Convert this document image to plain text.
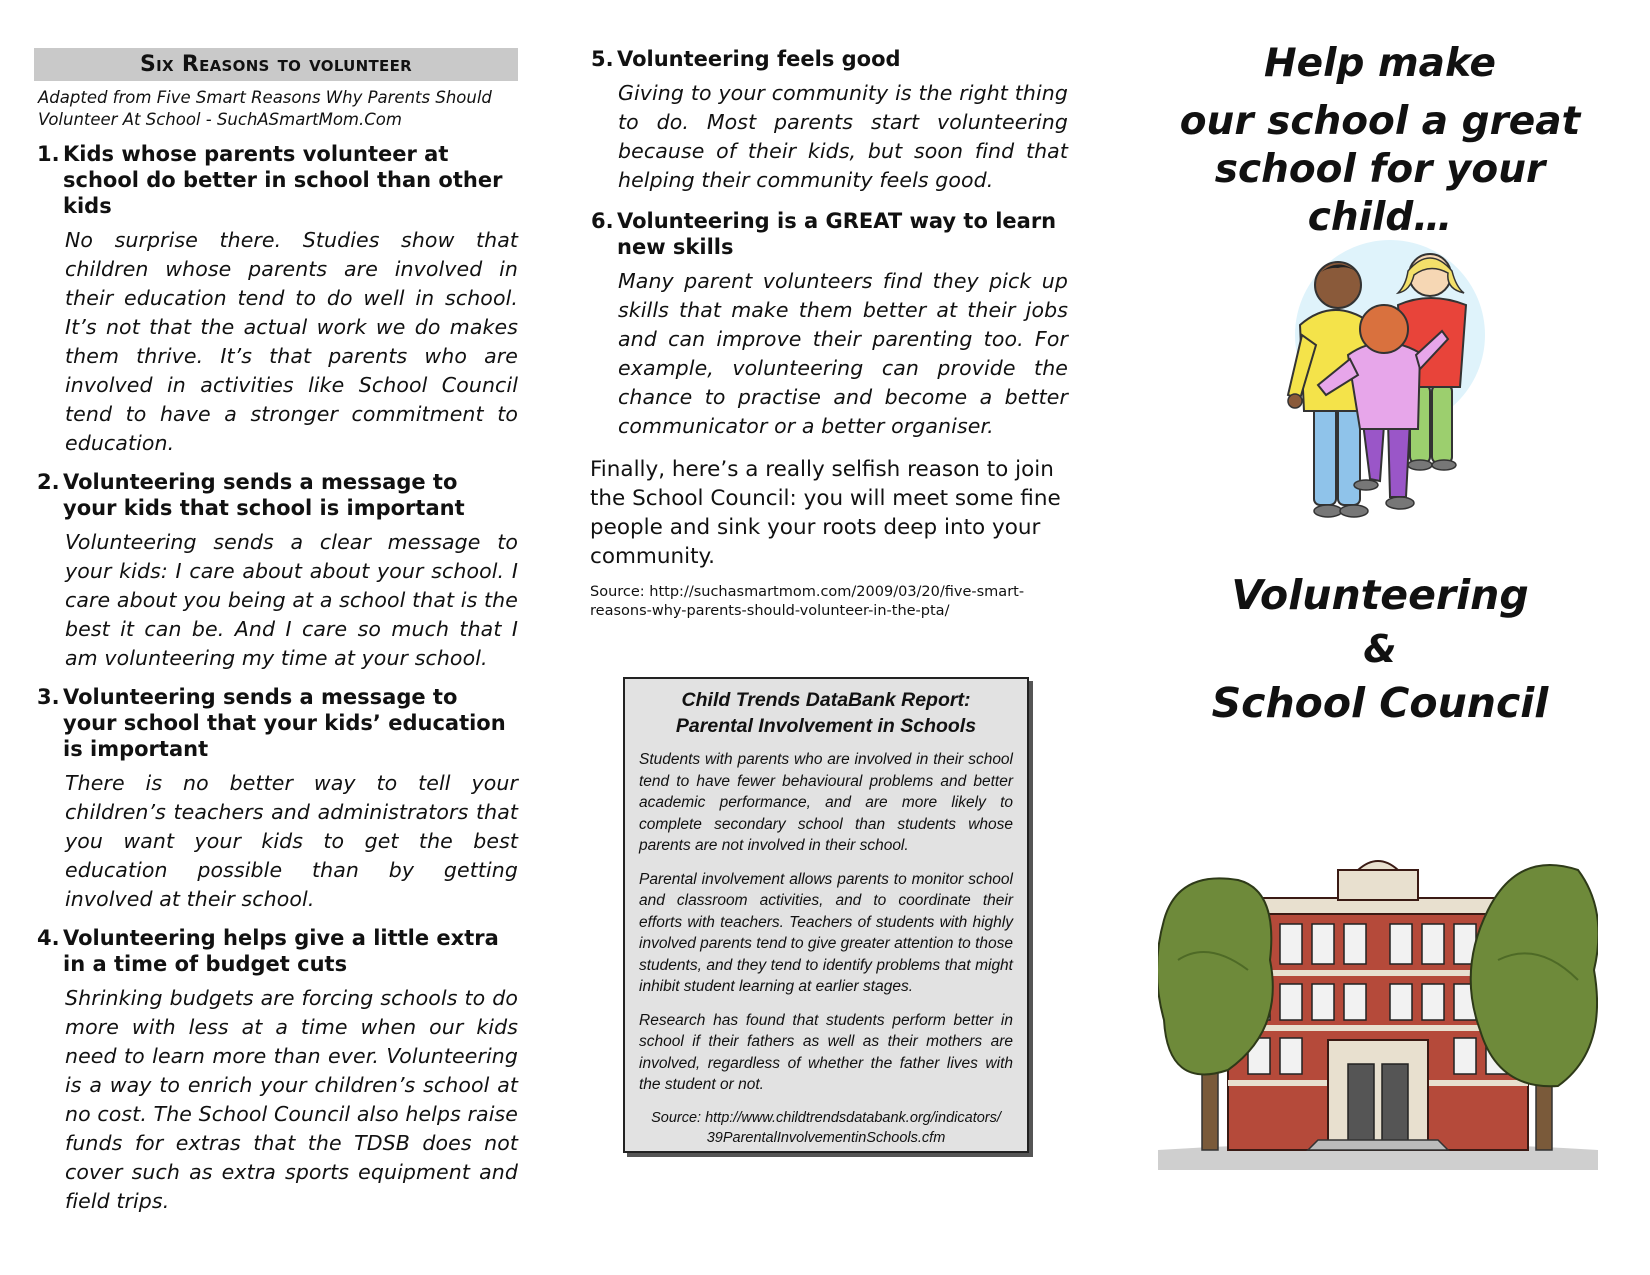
Six Reasons to volunteer

Adapted from Five Smart Reasons Why Parents Should Volunteer At School - SuchASmartMom.Com

1. Kids whose parents volunteer at school do better in school than other kids

No surprise there. Studies show that children whose parents are involved in their education tend to do well in school. It’s not that the actual work we do makes them thrive. It’s that parents who are involved in activities like School Council tend to have a stronger commitment to education.

2. Volunteering sends a message to your kids that school is important

Volunteering sends a clear message to your kids: I care about about your school. I care about you being at a school that is the best it can be. And I care so much that I am volunteering my time at your school.

3. Volunteering sends a message to your school that your kids’ education is important

There is no better way to tell your children’s teachers and administrators that you want your kids to get the best education possible than by getting involved at their school.

4. Volunteering helps give a little extra in a time of budget cuts

Shrinking budgets are forcing schools to do more with less at a time when our kids need to learn more than ever. Volunteering is a way to enrich your children’s school at no cost. The School Council also helps raise funds for extras that the TDSB does not cover such as extra sports equipment and field trips.

5. Volunteering feels good

Giving to your community is the right thing to do. Most parents start volunteering because of their kids, but soon find that helping their community feels good.

6. Volunteering is a GREAT way to learn new skills

Many parent volunteers find they pick up skills that make them better at their jobs and can improve their parenting too. For example, volunteering can provide the chance to practise and become a better communicator or a better organiser.

Finally, here’s a really selfish reason to join the School Council: you will meet some fine people and sink your roots deep into your community.

Source: http://suchasmartmom.com/2009/03/20/five-smart-reasons-why-parents-should-volunteer-in-the-pta/

Child Trends DataBank Report:
Parental Involvement in Schools

Students with parents who are involved in their school tend to have fewer behavioural problems and better academic performance, and are more likely to complete secondary school than students whose parents are not involved in their school.

Parental involvement allows parents to monitor school and classroom activities, and to coordinate their efforts with teachers. Teachers of students with highly involved parents tend to give greater attention to those students, and they tend to identify problems that might inhibit student learning at earlier stages.

Research has found that students perform better in school if their fathers as well as their mothers are involved, regardless of whether the father lives with the student or not.

Source: http://www.childtrendsdatabank.org/indicators/
39ParentalInvolvementinSchools.cfm
Help make
our school a great
school for your child…
Volunteering
&
School Council
